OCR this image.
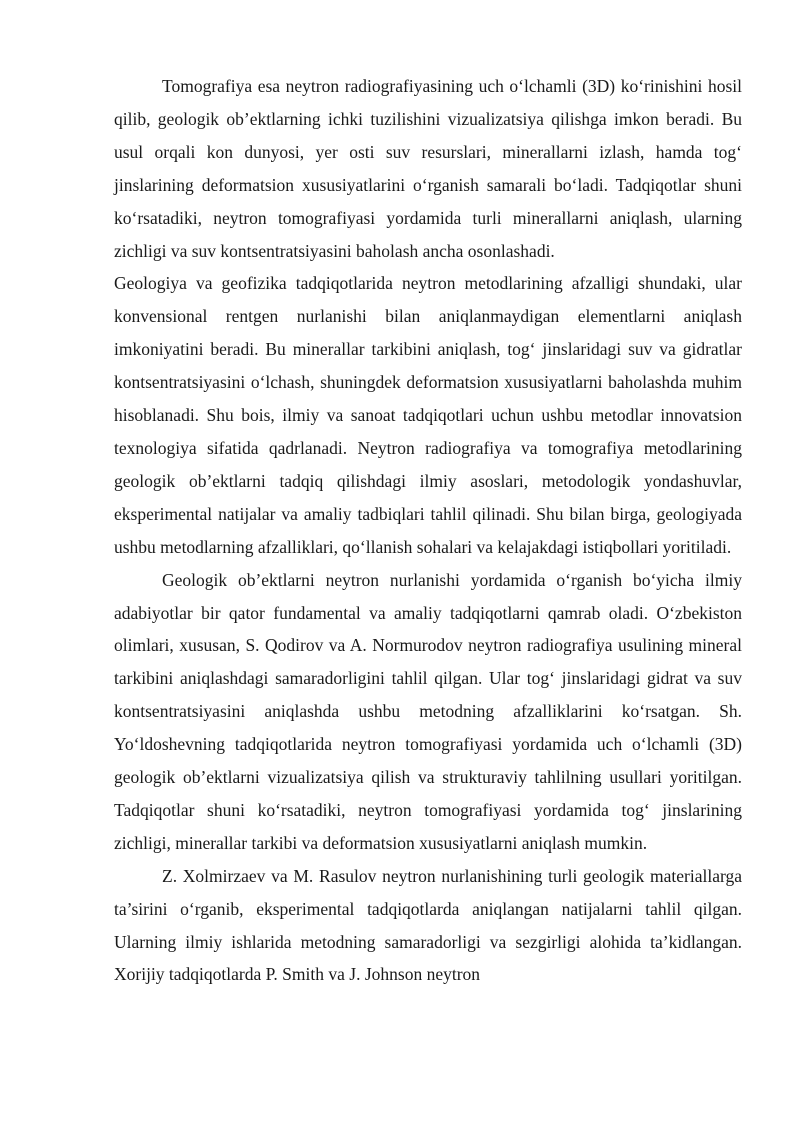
Tomografiya esa neytron radiografiyasining uch o‘lchamli (3D) ko‘rinishini hosil qilib, geologik ob’ektlarning ichki tuzilishini vizualizatsiya qilishga imkon beradi. Bu usul orqali kon dunyosi, yer osti suv resurslari, minerallarni izlash, hamda tog‘ jinslarining deformatsion xususiyatlarini o‘rganish samarali bo‘ladi. Tadqiqotlar shuni ko‘rsatadiki, neytron tomografiyasi yordamida turli minerallarni aniqlash, ularning zichligi va suv kontsentratsiyasini baholash ancha osonlashadi.

Geologiya va geofizika tadqiqotlarida neytron metodlarining afzalligi shundaki, ular konvensional rentgen nurlanishi bilan aniqlanmaydigan elementlarni aniqlash imkoniyatini beradi. Bu minerallar tarkibini aniqlash, tog‘ jinslaridagi suv va gidratlar kontsentratsiyasini o‘lchash, shuningdek deformatsion xususiyatlarni baholashda muhim hisoblanadi. Shu bois, ilmiy va sanoat tadqiqotlari uchun ushbu metodlar innovatsion texnologiya sifatida qadrlanadi. Neytron radiografiya va tomografiya metodlarining geologik ob’ektlarni tadqiq qilishdagi ilmiy asoslari, metodologik yondashuvlar, eksperimental natijalar va amaliy tadbiqlari tahlil qilinadi. Shu bilan birga, geologiyada ushbu metodlarning afzalliklari, qo‘llanish sohalari va kelajakdagi istiqbollari yoritiladi.

Geologik ob’ektlarni neytron nurlanishi yordamida o‘rganish bo‘yicha ilmiy adabiyotlar bir qator fundamental va amaliy tadqiqotlarni qamrab oladi. O‘zbekiston olimlari, xususan, S. Qodirov va A. Normurodov neytron radiografiya usulining mineral tarkibini aniqlashdagi samaradorligini tahlil qilgan. Ular tog‘ jinslaridagi gidrat va suv kontsentratsiyasini aniqlashda ushbu metodning afzalliklarini ko‘rsatgan. Sh. Yo‘ldoshevning tadqiqotlarida neytron tomografiyasi yordamida uch o‘lchamli (3D) geologik ob’ektlarni vizualizatsiya qilish va strukturaviy tahlilning usullari yoritilgan. Tadqiqotlar shuni ko‘rsatadiki, neytron tomografiyasi yordamida tog‘ jinslarining zichligi, minerallar tarkibi va deformatsion xususiyatlarni aniqlash mumkin.

Z. Xolmirzaev va M. Rasulov neytron nurlanishining turli geologik materiallarga ta’sirini o‘rganib, eksperimental tadqiqotlarda aniqlangan natijalarni tahlil qilgan. Ularning ilmiy ishlarida metodning samaradorligi va sezgirligi alohida ta’kidlangan. Xorijiy tadqiqotlarda P. Smith va J. Johnson neytron
